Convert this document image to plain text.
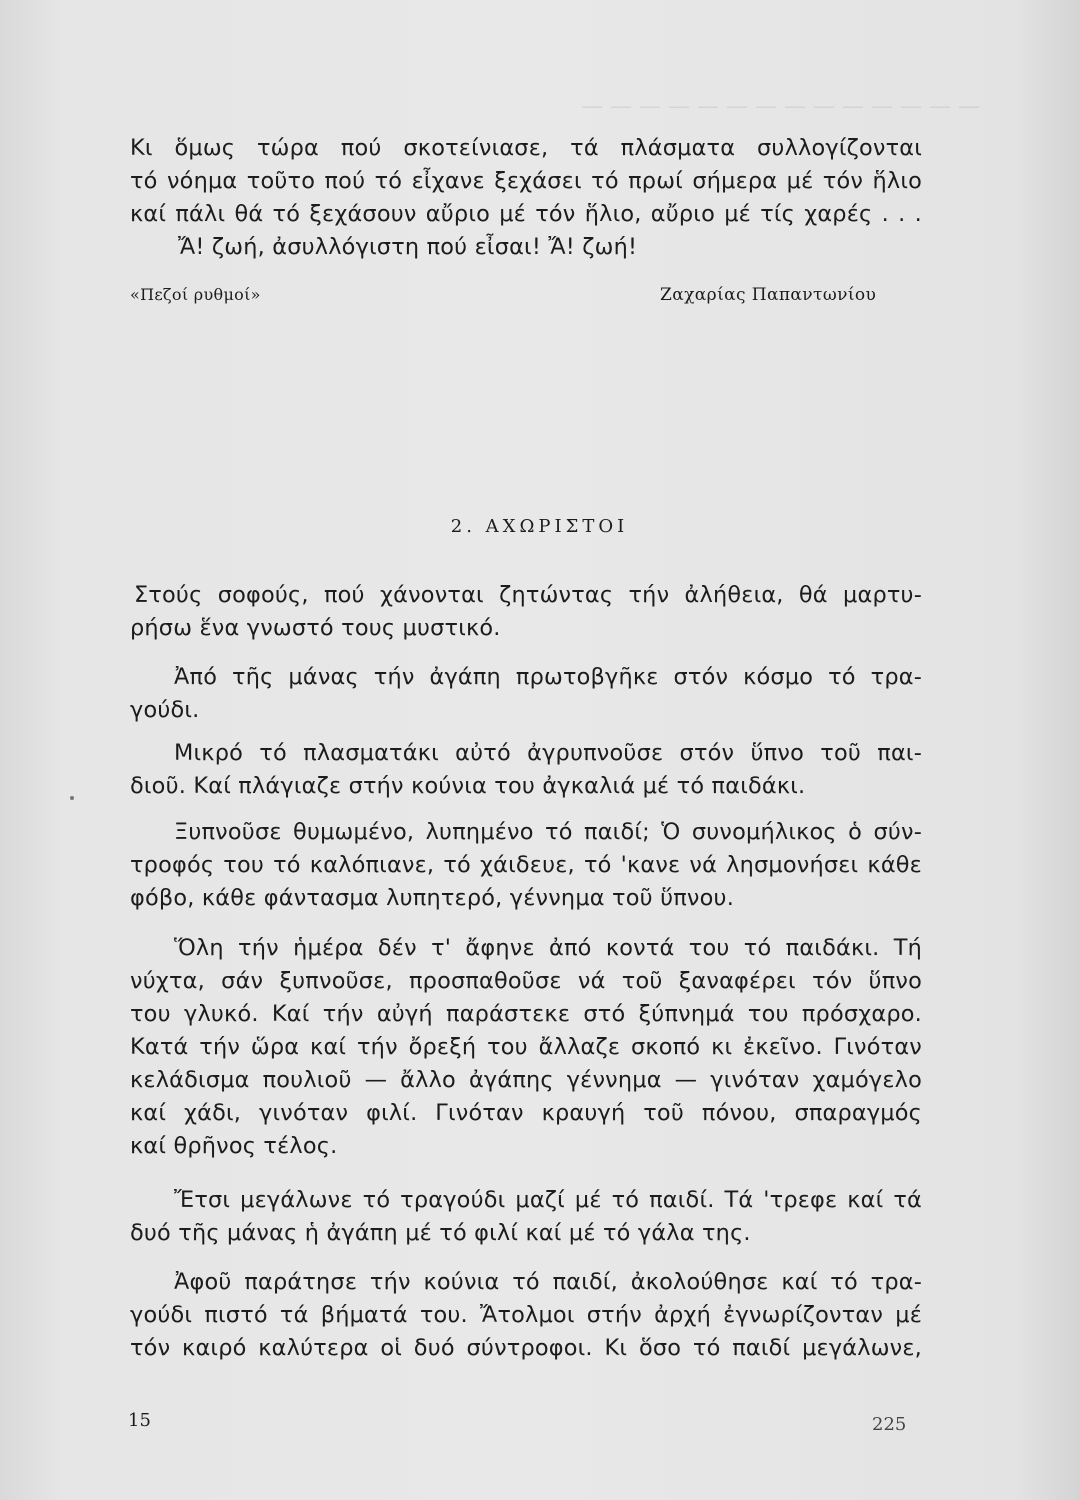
— — — — — — — — — — — — — —
Κι ὅμως τώρα πού σκοτείνιασε, τά πλάσματα συλλογίζονται
τό νόημα τοῦτο πού τό εἶχανε ξεχάσει τό πρωί σήμερα μέ τόν ἥλιο
καί πάλι θά τό ξεχάσουν αὔριο μέ τόν ἥλιο, αὔριο μέ τίς χαρές . . .
Ἄ! ζωή, ἀσυλλόγιστη πού εἶσαι! Ἄ! ζωή!
«Πεζοί ρυθμοί»	Ζαχαρίας Παπαντωνίου
2. ΑΧΩΡΙΣΤΟΙ
Στούς σοφούς, πού χάνονται ζητώντας τήν ἀλήθεια, θά μαρτυ-
ρήσω ἕνα γνωστό τους μυστικό.
Ἀπό τῆς μάνας τήν ἀγάπη πρωτοβγῆκε στόν κόσμο τό τρα-
γούδι.
Μικρό τό πλασματάκι αὐτό ἀγρυπνοῦσε στόν ὕπνο τοῦ παι-
διοῦ. Καί πλάγιαζε στήν κούνια του ἀγκαλιά μέ τό παιδάκι.
Ξυπνοῦσε θυμωμένο, λυπημένο τό παιδί; Ὁ συνομήλικος ὁ σύν-
τροφός του τό καλόπιανε, τό χάιδευε, τό 'κανε νά λησμονήσει κάθε
φόβο, κάθε φάντασμα λυπητερό, γέννημα τοῦ ὕπνου.
Ὅλη τήν ἡμέρα δέν τ' ἄφηνε ἀπό κοντά του τό παιδάκι. Τή
νύχτα, σάν ξυπνοῦσε, προσπαθοῦσε νά τοῦ ξαναφέρει τόν ὕπνο
του γλυκό. Καί τήν αὐγή παράστεκε στό ξύπνημά του πρόσχαρο.
Κατά τήν ὥρα καί τήν ὄρεξή του ἄλλαζε σκοπό κι ἐκεῖνο. Γινόταν
κελάδισμα πουλιοῦ — ἄλλο ἀγάπης γέννημα — γινόταν χαμόγελο
καί χάδι, γινόταν φιλί. Γινόταν κραυγή τοῦ πόνου, σπαραγμός
καί θρῆνος τέλος.
Ἔτσι μεγάλωνε τό τραγούδι μαζί μέ τό παιδί. Τά 'τρεφε καί τά
δυό τῆς μάνας ἡ ἀγάπη μέ τό φιλί καί μέ τό γάλα της.
Ἀφοῦ παράτησε τήν κούνια τό παιδί, ἀκολούθησε καί τό τρα-
γούδι πιστό τά βήματά του. Ἄτολμοι στήν ἀρχή ἐγνωρίζονταν μέ
τόν καιρό καλύτερα οἱ δυό σύντροφοι. Κι ὅσο τό παιδί μεγάλωνε,
15	225
